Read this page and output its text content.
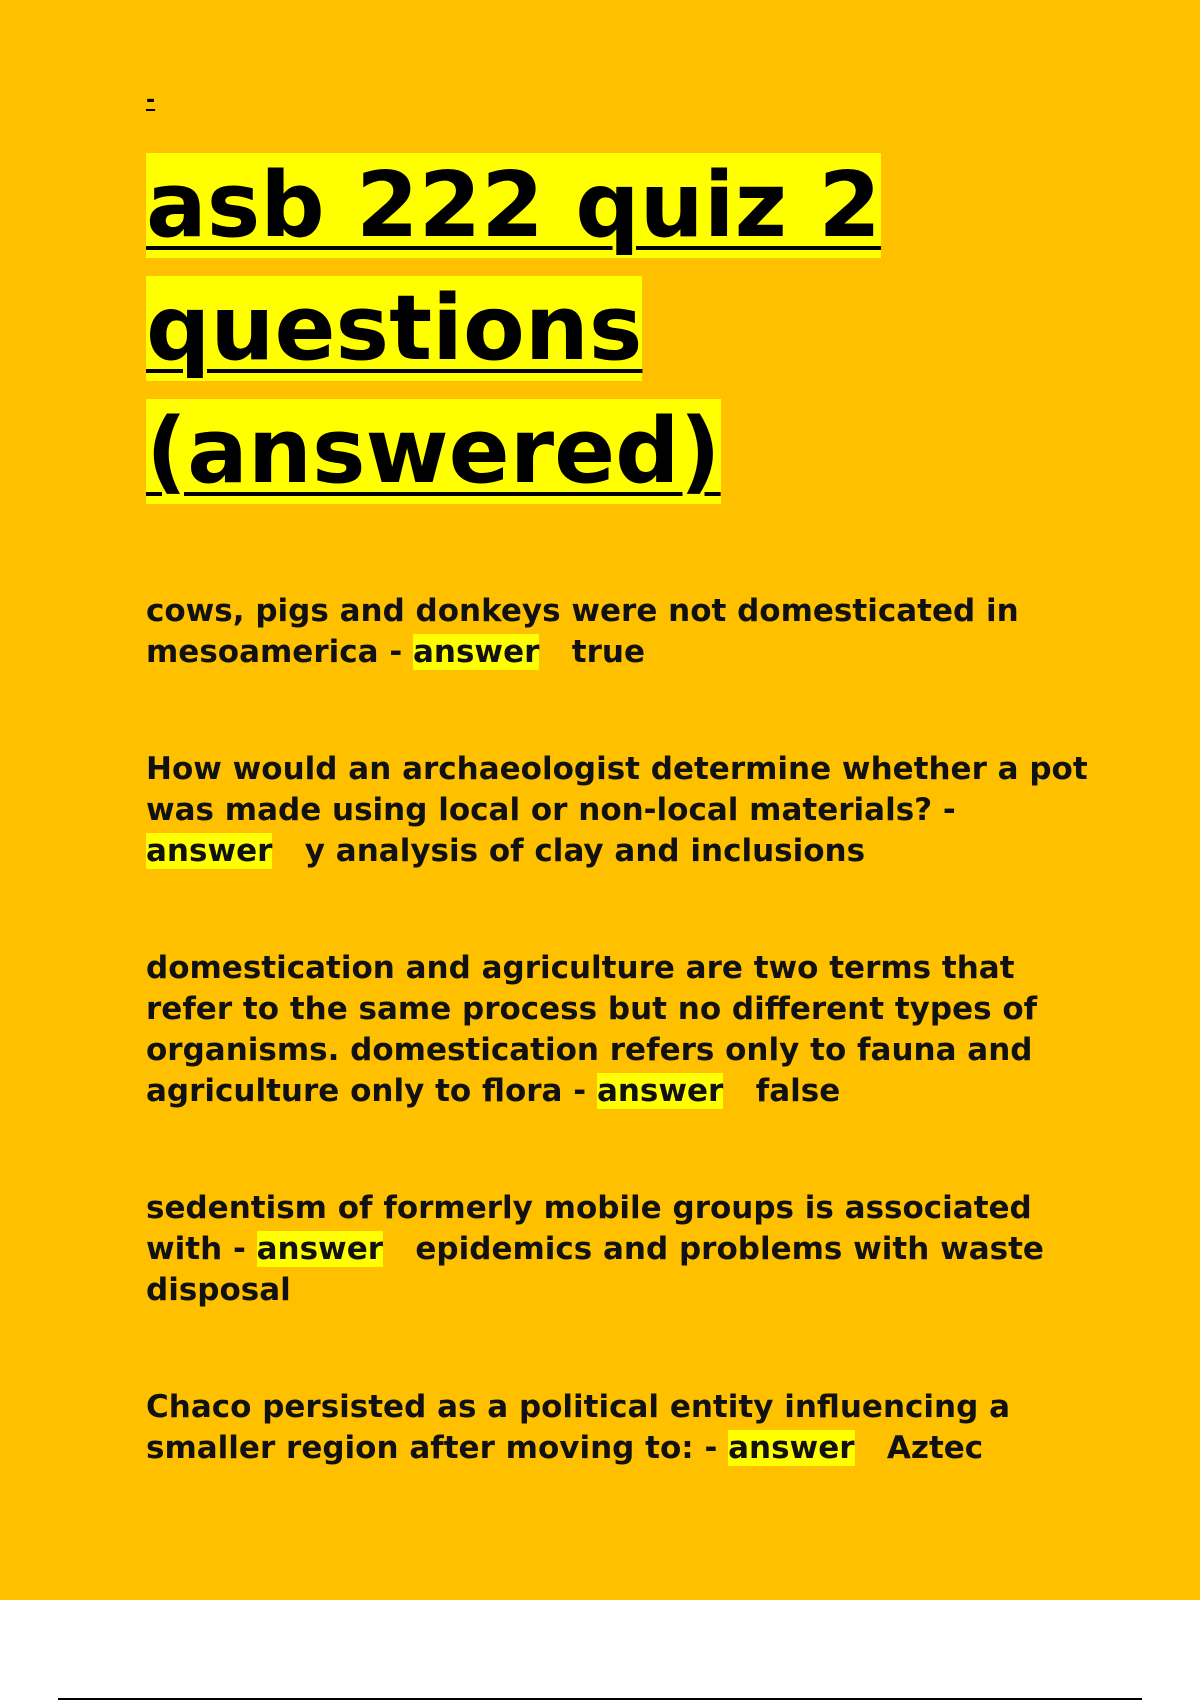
-
asb 222 quiz 2
questions
(answered)

cows, pigs and donkeys were not domesticated in mesoamerica - answer true

How would an archaeologist determine whether a pot was made using local or non-local materials? - answer y analysis of clay and inclusions

domestication and agriculture are two terms that refer to the same process but no different types of organisms. domestication refers only to fauna and agriculture only to flora - answer false

sedentism of formerly mobile groups is associated with - answer epidemics and problems with waste disposal

Chaco persisted as a political entity influencing a smaller region after moving to: - answer Aztec
